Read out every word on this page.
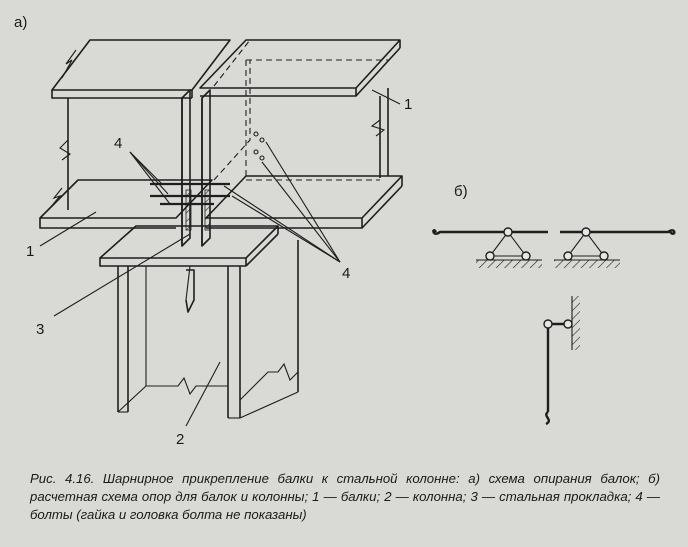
а)
1
1
4
4
3
2
б)
Рис. 4.16. Шарнирное прикрепление балки к стальной колонне: а) схема опирания балок; б) расчетная схема опор для балок и колонны; 1 — балки; 2 — колонна; 3 — стальная прокладка; 4 — болты (гайка и головка болта не показаны)
